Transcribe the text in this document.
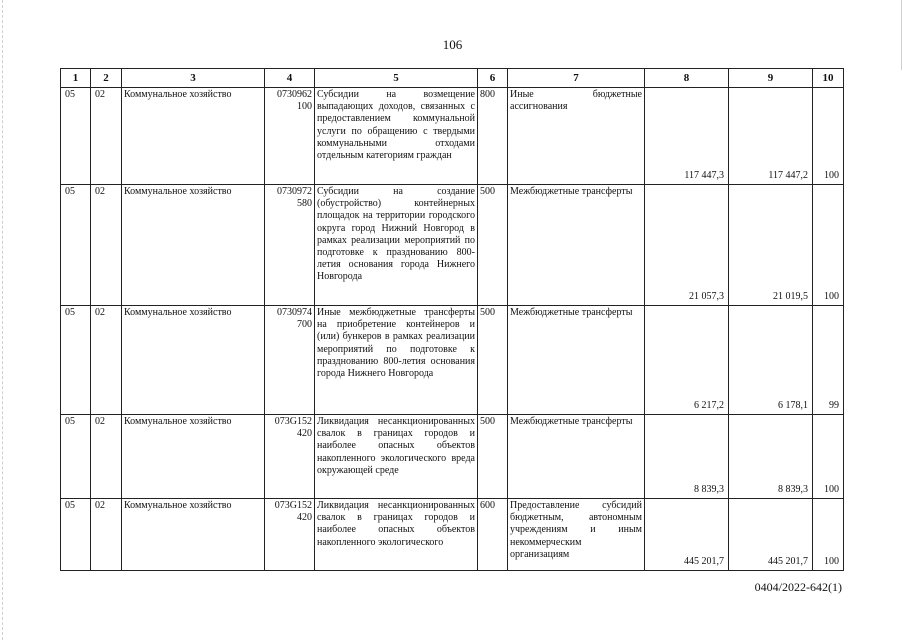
106
1	2	3	4	5	6	7	8	9	10
05	02	Коммунальное хозяйство	0730962 100	Субсидии на возмещение выпадающих доходов, связанных с предоставлением коммунальной услуги по обращению с твердыми коммунальными отходами отдельным категориям граждан	800	Иные бюджетные ассигнования	117 447,3	117 447,2	100
05	02	Коммунальное хозяйство	0730972 580	Субсидии на создание (обустройство) контейнерных площадок на территории городского округа город Нижний Новгород в рамках реализации мероприятий по подготовке к празднованию 800-летия основания города Нижнего Новгорода	500	Межбюджетные трансферты	21 057,3	21 019,5	100
05	02	Коммунальное хозяйство	0730974 700	Иные межбюджетные трансферты на приобретение контейнеров и (или) бункеров в рамках реализации мероприятий по подготовке к празднованию 800-летия основания города Нижнего Новгорода	500	Межбюджетные трансферты	6 217,2	6 178,1	99
05	02	Коммунальное хозяйство	073G152 420	Ликвидация несанкционированных свалок в границах городов и наиболее опасных объектов накопленного экологического вреда окружающей среде	500	Межбюджетные трансферты	8 839,3	8 839,3	100
05	02	Коммунальное хозяйство	073G152 420	Ликвидация несанкционированных свалок в границах городов и наиболее опасных объектов накопленного экологического	600	Предоставление субсидий бюджетным, автономным учреждениям и иным некоммерческим организациям	445 201,7	445 201,7	100
0404/2022-642(1)
